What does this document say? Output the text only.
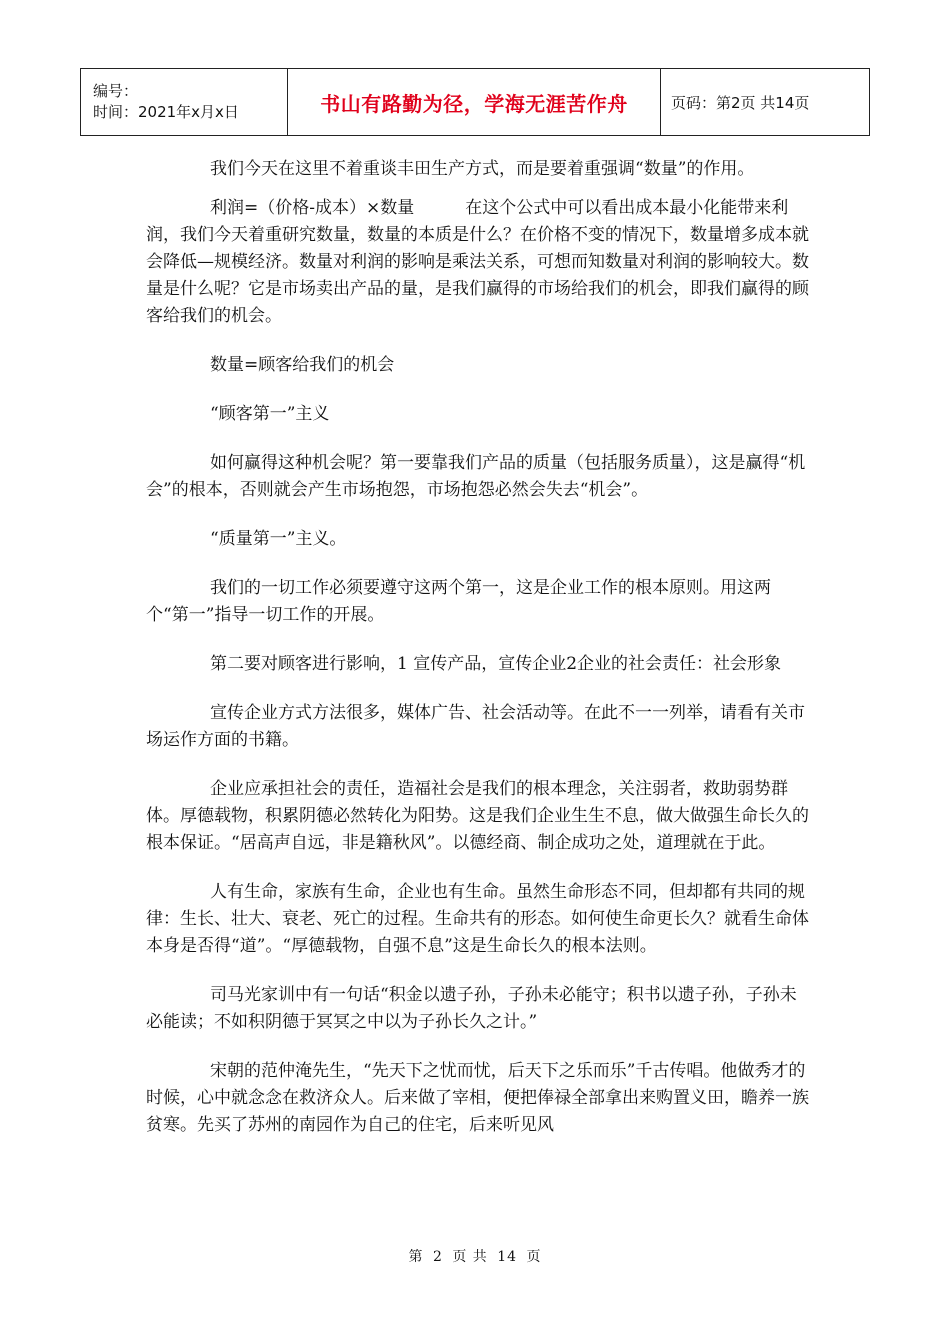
编号：
时间：2021年x月x日	书山有路勤为径，学海无涯苦作舟	页码：第2页 共14页

我们今天在这里不着重谈丰田生产方式，而是要着重强调“数量”的作用。

利润=（价格-成本）×数量　　　在这个公式中可以看出成本最小化能带来利润，我们今天着重研究数量，数量的本质是什么？在价格不变的情况下，数量增多成本就会降低—规模经济。数量对利润的影响是乘法关系，可想而知数量对利润的影响较大。数量是什么呢？它是市场卖出产品的量，是我们赢得的市场给我们的机会，即我们赢得的顾客给我们的机会。

数量=顾客给我们的机会

“顾客第一”主义

如何赢得这种机会呢？第一要靠我们产品的质量（包括服务质量），这是赢得“机会”的根本，否则就会产生市场抱怨，市场抱怨必然会失去“机会”。

“质量第一”主义。

我们的一切工作必须要遵守这两个第一，这是企业工作的根本原则。用这两个“第一”指导一切工作的开展。

第二要对顾客进行影响，1 宣传产品，宣传企业2企业的社会责任：社会形象

宣传企业方式方法很多，媒体广告、社会活动等。在此不一一列举，请看有关市场运作方面的书籍。

企业应承担社会的责任，造福社会是我们的根本理念，关注弱者，救助弱势群体。厚德载物，积累阴德必然转化为阳势。这是我们企业生生不息，做大做强生命长久的根本保证。“居高声自远，非是籍秋风”。以德经商、制企成功之处，道理就在于此。

人有生命，家族有生命，企业也有生命。虽然生命形态不同，但却都有共同的规律：生长、壮大、衰老、死亡的过程。生命共有的形态。如何使生命更长久？就看生命体本身是否得“道”。“厚德载物，自强不息”这是生命长久的根本法则。

司马光家训中有一句话“积金以遗子孙，子孙未必能守；积书以遗子孙，子孙未必能读；不如积阴德于冥冥之中以为子孙长久之计。”

宋朝的范仲淹先生，“先天下之忧而忧，后天下之乐而乐”千古传唱。他做秀才的时候，心中就念念在救济众人。后来做了宰相，便把俸禄全部拿出来购置义田，瞻养一族贫寒。先买了苏州的南园作为自己的住宅，后来听见风

第 2 页 共 14 页
